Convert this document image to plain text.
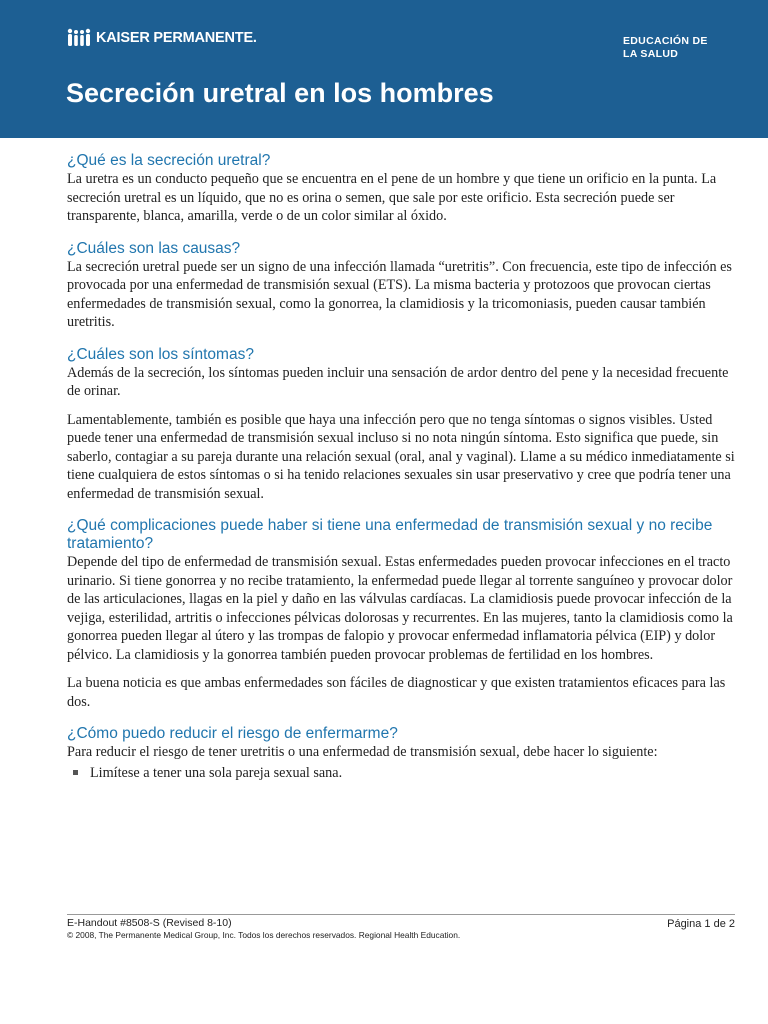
KAISER PERMANENTE.	EDUCACIÓN DE
LA SALUD
Secreción uretral en los hombres
¿Qué es la secreción uretral?

La uretra es un conducto pequeño que se encuentra en el pene de un hombre y que tiene un orificio en la punta. La secreción uretral es un líquido, que no es orina o semen, que sale por este orificio. Esta secreción puede ser transparente, blanca, amarilla, verde o de un color similar al óxido.

¿Cuáles son las causas?

La secreción uretral puede ser un signo de una infección llamada “uretritis”. Con frecuencia, este tipo de infección es provocada por una enfermedad de transmisión sexual (ETS). La misma bacteria y protozoos que provocan ciertas enfermedades de transmisión sexual, como la gonorrea, la clamidiosis y la tricomoniasis, pueden causar también uretritis.

¿Cuáles son los síntomas?

Además de la secreción, los síntomas pueden incluir una sensación de ardor dentro del pene y la necesidad frecuente de orinar.

Lamentablemente, también es posible que haya una infección pero que no tenga síntomas o signos visibles. Usted puede tener una enfermedad de transmisión sexual incluso si no nota ningún síntoma. Esto significa que puede, sin saberlo, contagiar a su pareja durante una relación sexual (oral, anal y vaginal). Llame a su médico inmediatamente si tiene cualquiera de estos síntomas o si ha tenido relaciones sexuales sin usar preservativo y cree que podría tener una enfermedad de transmisión sexual.

¿Qué complicaciones puede haber si tiene una enfermedad de transmisión sexual y no recibe tratamiento?

Depende del tipo de enfermedad de transmisión sexual. Estas enfermedades pueden provocar infecciones en el tracto urinario. Si tiene gonorrea y no recibe tratamiento, la enfermedad puede llegar al torrente sanguíneo y provocar dolor de las articulaciones, llagas en la piel y daño en las válvulas cardíacas. La clamidiosis puede provocar infección de la vejiga, esterilidad, artritis o infecciones pélvicas dolorosas y recurrentes. En las mujeres, tanto la clamidiosis como la gonorrea pueden llegar al útero y las trompas de falopio y provocar enfermedad inflamatoria pélvica (EIP) y dolor pélvico. La clamidiosis y la gonorrea también pueden provocar problemas de fertilidad en los hombres.

La buena noticia es que ambas enfermedades son fáciles de diagnosticar y que existen tratamientos eficaces para las dos.

¿Cómo puedo reducir el riesgo de enfermarme?

Para reducir el riesgo de tener uretritis o una enfermedad de transmisión sexual, debe hacer lo siguiente:

Limítese a tener una sola pareja sexual sana.
E-Handout #8508-S (Revised 8-10)
© 2008, The Permanente Medical Group, Inc. Todos los derechos reservados. Regional Health Education.
Página 1 de 2
